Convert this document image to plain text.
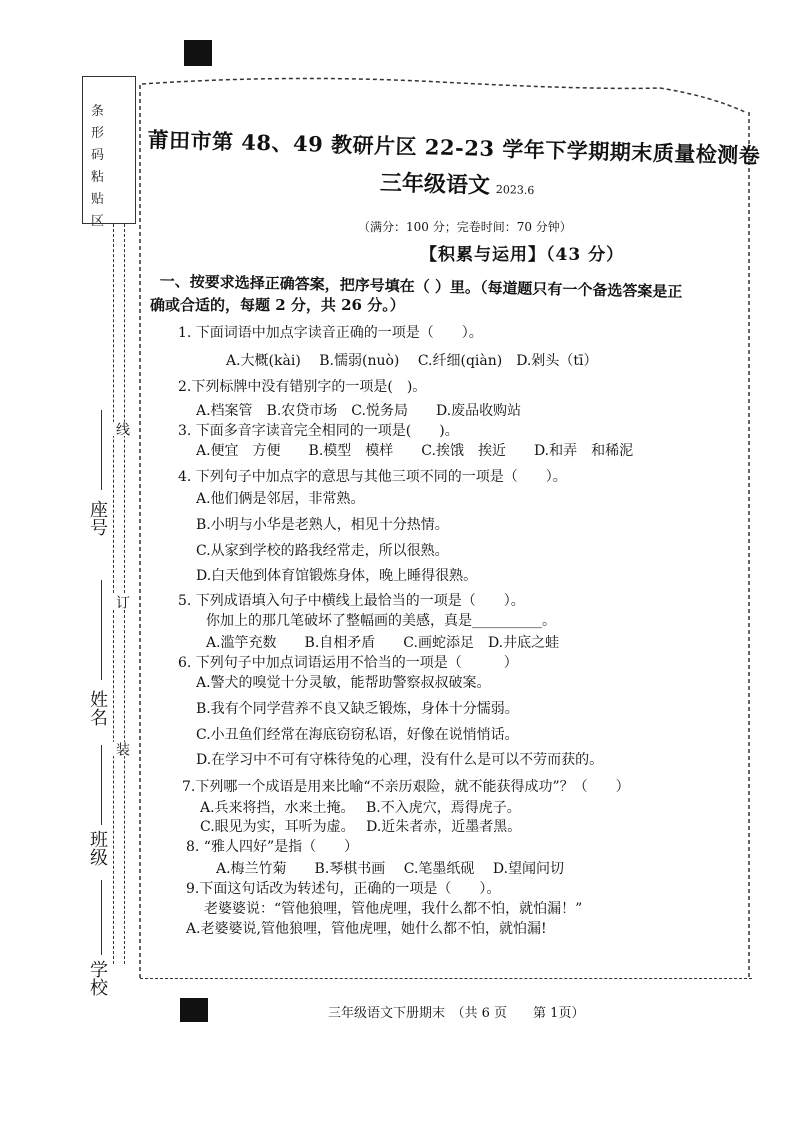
条 形
码 粘
贴 区
座号
姓名
班级
学校
线
订
装
莆田市第 48、49 教研片区 22-23 学年下学期期末质量检测卷
三年级语文 2023.6
（满分：100 分；完卷时间：70 分钟）
【积累与运用】（43 分）
一、按要求选择正确答案，把序号填在（ ）里。（每道题只有一个备选答案是正
确或合适的，每题 2 分，共 26 分。）
1. 下面词语中加点字读音正确的一项是（　　）。
A.大概(kài)　 B.懦弱(nuò)　 C.纤细(qiàn)　D.剁头（tī）
2.下列标牌中没有错别字的一项是(　)。
A.档案管　B.农贷市场　C.悦务局　　D.废品收购站
3. 下面多音字读音完全相同的一项是(　　)。
A.便宜　方便　　B.模型　模样　　C.挨饿　挨近　　D.和弄　和稀泥
4. 下列句子中加点字的意思与其他三项不同的一项是（　　）。
A.他们俩是邻居，非常熟。
B.小明与小华是老熟人，相见十分热情。
C.从家到学校的路我经常走，所以很熟。
D.白天他到体育馆锻炼身体，晚上睡得很熟。
5. 下列成语填入句子中横线上最恰当的一项是（　　）。
你加上的那几笔破坏了整幅画的美感，真是__________。
A.滥竽充数　　B.自相矛盾　　C.画蛇添足　D.井底之蛙
6. 下列句子中加点词语运用不恰当的一项是（　　　）
A.警犬的嗅觉十分灵敏，能帮助警察叔叔破案。
B.我有个同学营养不良又缺乏锻炼，身体十分懦弱。
C.小丑鱼们经常在海底窃窃私语，好像在说悄悄话。
D.在学习中不可有守株待兔的心理，没有什么是可以不劳而获的。
7.下列哪一个成语是用来比喻“不亲历艰险，就不能获得成功”？（　　）
A.兵来将挡，水来土掩。　 B.不入虎穴，焉得虎子。
C.眼见为实，耳听为虚。　 D.近朱者赤，近墨者黑。
8. “雅人四好”是指（　　）
A.梅兰竹菊　　B.琴棋书画　 C.笔墨纸砚　 D.望闻问切
9.下面这句话改为转述句，正确的一项是（　　）。
老婆婆说：“管他狼哩，管他虎哩，我什么都不怕，就怕漏！”
A.老婆婆说,管他狼哩，管他虎哩，她什么都不怕，就怕漏!
三年级语文下册期末　（共 6 页　　第 1页）
